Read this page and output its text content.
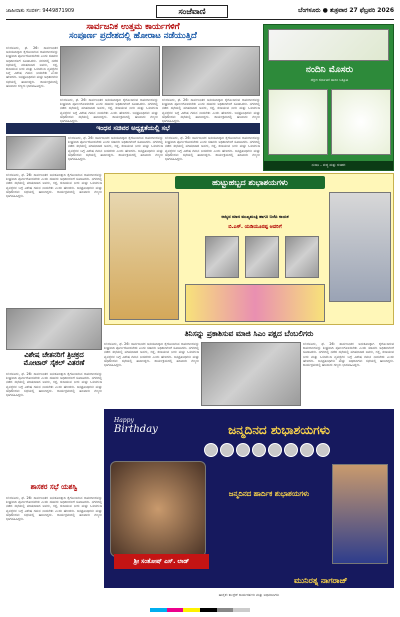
ಜಾಹೀರಾತು ಸಂಪರ್ಕ: 9449871909	ಸಂಜೆವಾಣಿ	ಬೆಂಗಳೂರು ● ಶುಕ್ರವಾರ 27 ಫೆಬ್ರವರಿ 2026
ಸಾರ್ವಜನಿಕ ಉತ್ತಮ ಕಾರ್ಯಗಳಿಗೆ
ಸಂಪೂರ್ಣ ಪ್ರದೇಶದಲ್ಲಿ ಹೋರಾಟ ನಡೆಯುತ್ತಿದೆ
ಬೆಂಗಳೂರು, ಫೆ. 26: ಸಾರ್ವಜನಿಕರ ಅನುಕೂಲಕ್ಕಾಗಿ ಕೈಗೊಂಡಿರುವ ಕಾಮಗಾರಿಗಳನ್ನು ಶೀಘ್ರವಾಗಿ ಪೂರ್ಣಗೊಳಿಸಬೇಕು ಎಂದು ಸಚಿವರು ಅಧಿಕಾರಿಗಳಿಗೆ ಸೂಚಿಸಿದರು. ನಗರದಲ್ಲಿ ನಡೆದ ಸಭೆಯಲ್ಲಿ ಮಾತನಾಡಿದ ಅವರು, ರಸ್ತೆ, ಕುಡಿಯುವ ನೀರು ಮತ್ತು ಒಳಚರಂಡಿ ವ್ಯವಸ್ಥೆಗಳ ಬಗ್ಗೆ ವಿಶೇಷ ಗಮನ ನೀಡಬೇಕು ಎಂದು ಹೇಳಿದರು. ಜನಪ್ರತಿನಿಧಿಗಳು ಮತ್ತು ಅಧಿಕಾರಿಗಳು ಸಭೆಯಲ್ಲಿ ಹಾಜರಿದ್ದರು. ಕಾರ್ಯಕ್ರಮದಲ್ಲಿ ಹಲವಾರು ಗಣ್ಯರು ಭಾಗವಹಿಸಿದ್ದರು.
ಬೆಂಗಳೂರು, ಫೆ. 26: ಸಾರ್ವಜನಿಕರ ಅನುಕೂಲಕ್ಕಾಗಿ ಕೈಗೊಂಡಿರುವ ಕಾಮಗಾರಿಗಳನ್ನು ಶೀಘ್ರವಾಗಿ ಪೂರ್ಣಗೊಳಿಸಬೇಕು ಎಂದು ಸಚಿವರು ಅಧಿಕಾರಿಗಳಿಗೆ ಸೂಚಿಸಿದರು. ನಗರದಲ್ಲಿ ನಡೆದ ಸಭೆಯಲ್ಲಿ ಮಾತನಾಡಿದ ಅವರು, ರಸ್ತೆ, ಕುಡಿಯುವ ನೀರು ಮತ್ತು ಒಳಚರಂಡಿ ವ್ಯವಸ್ಥೆಗಳ ಬಗ್ಗೆ ವಿಶೇಷ ಗಮನ ನೀಡಬೇಕು ಎಂದು ಹೇಳಿದರು. ಜನಪ್ರತಿನಿಧಿಗಳು ಮತ್ತು ಅಧಿಕಾರಿಗಳು ಸಭೆಯಲ್ಲಿ ಹಾಜರಿದ್ದರು. ಕಾರ್ಯಕ್ರಮದಲ್ಲಿ ಹಲವಾರು ಗಣ್ಯರು ಭಾಗವಹಿಸಿದ್ದರು.
ಬೆಂಗಳೂರು, ಫೆ. 26: ಸಾರ್ವಜನಿಕರ ಅನುಕೂಲಕ್ಕಾಗಿ ಕೈಗೊಂಡಿರುವ ಕಾಮಗಾರಿಗಳನ್ನು ಶೀಘ್ರವಾಗಿ ಪೂರ್ಣಗೊಳಿಸಬೇಕು ಎಂದು ಸಚಿವರು ಅಧಿಕಾರಿಗಳಿಗೆ ಸೂಚಿಸಿದರು. ನಗರದಲ್ಲಿ ನಡೆದ ಸಭೆಯಲ್ಲಿ ಮಾತನಾಡಿದ ಅವರು, ರಸ್ತೆ, ಕುಡಿಯುವ ನೀರು ಮತ್ತು ಒಳಚರಂಡಿ ವ್ಯವಸ್ಥೆಗಳ ಬಗ್ಗೆ ವಿಶೇಷ ಗಮನ ನೀಡಬೇಕು ಎಂದು ಹೇಳಿದರು. ಜನಪ್ರತಿನಿಧಿಗಳು ಮತ್ತು ಅಧಿಕಾರಿಗಳು ಸಭೆಯಲ್ಲಿ ಹಾಜರಿದ್ದರು. ಕಾರ್ಯಕ್ರಮದಲ್ಲಿ ಹಲವಾರು ಗಣ್ಯರು ಭಾಗವಹಿಸಿದ್ದರು.
ಇಂಧನ ಸಚಿವರ ಅಧ್ಯಕ್ಷತೆಯಲ್ಲಿ ಸಭೆ
ಬೆಂಗಳೂರು, ಫೆ. 26: ಸಾರ್ವಜನಿಕರ ಅನುಕೂಲಕ್ಕಾಗಿ ಕೈಗೊಂಡಿರುವ ಕಾಮಗಾರಿಗಳನ್ನು ಶೀಘ್ರವಾಗಿ ಪೂರ್ಣಗೊಳಿಸಬೇಕು ಎಂದು ಸಚಿವರು ಅಧಿಕಾರಿಗಳಿಗೆ ಸೂಚಿಸಿದರು. ನಗರದಲ್ಲಿ ನಡೆದ ಸಭೆಯಲ್ಲಿ ಮಾತನಾಡಿದ ಅವರು, ರಸ್ತೆ, ಕುಡಿಯುವ ನೀರು ಮತ್ತು ಒಳಚರಂಡಿ ವ್ಯವಸ್ಥೆಗಳ ಬಗ್ಗೆ ವಿಶೇಷ ಗಮನ ನೀಡಬೇಕು ಎಂದು ಹೇಳಿದರು. ಜನಪ್ರತಿನಿಧಿಗಳು ಮತ್ತು ಅಧಿಕಾರಿಗಳು ಸಭೆಯಲ್ಲಿ ಹಾಜರಿದ್ದರು. ಕಾರ್ಯಕ್ರಮದಲ್ಲಿ ಹಲವಾರು ಗಣ್ಯರು ಭಾಗವಹಿಸಿದ್ದರು.
ಬೆಂಗಳೂರು, ಫೆ. 26: ಸಾರ್ವಜನಿಕರ ಅನುಕೂಲಕ್ಕಾಗಿ ಕೈಗೊಂಡಿರುವ ಕಾಮಗಾರಿಗಳನ್ನು ಶೀಘ್ರವಾಗಿ ಪೂರ್ಣಗೊಳಿಸಬೇಕು ಎಂದು ಸಚಿವರು ಅಧಿಕಾರಿಗಳಿಗೆ ಸೂಚಿಸಿದರು. ನಗರದಲ್ಲಿ ನಡೆದ ಸಭೆಯಲ್ಲಿ ಮಾತನಾಡಿದ ಅವರು, ರಸ್ತೆ, ಕುಡಿಯುವ ನೀರು ಮತ್ತು ಒಳಚರಂಡಿ ವ್ಯವಸ್ಥೆಗಳ ಬಗ್ಗೆ ವಿಶೇಷ ಗಮನ ನೀಡಬೇಕು ಎಂದು ಹೇಳಿದರು. ಜನಪ್ರತಿನಿಧಿಗಳು ಮತ್ತು ಅಧಿಕಾರಿಗಳು ಸಭೆಯಲ್ಲಿ ಹಾಜರಿದ್ದರು. ಕಾರ್ಯಕ್ರಮದಲ್ಲಿ ಹಲವಾರು ಗಣ್ಯರು ಭಾಗವಹಿಸಿದ್ದರು.
ನಂದಿನಿ ಮೊಸರು
ದಕ್ಷಿಣ ಕರ್ನಾಟಕ ಹಾಲು ಒಕ್ಕೂಟ
ನಂದಿನಿ – ಶುದ್ಧ ಮತ್ತು ರುಚಿಕರ
ಬೆಂಗಳೂರು, ಫೆ. 26: ಸಾರ್ವಜನಿಕರ ಅನುಕೂಲಕ್ಕಾಗಿ ಕೈಗೊಂಡಿರುವ ಕಾಮಗಾರಿಗಳನ್ನು ಶೀಘ್ರವಾಗಿ ಪೂರ್ಣಗೊಳಿಸಬೇಕು ಎಂದು ಸಚಿವರು ಅಧಿಕಾರಿಗಳಿಗೆ ಸೂಚಿಸಿದರು. ನಗರದಲ್ಲಿ ನಡೆದ ಸಭೆಯಲ್ಲಿ ಮಾತನಾಡಿದ ಅವರು, ರಸ್ತೆ, ಕುಡಿಯುವ ನೀರು ಮತ್ತು ಒಳಚರಂಡಿ ವ್ಯವಸ್ಥೆಗಳ ಬಗ್ಗೆ ವಿಶೇಷ ಗಮನ ನೀಡಬೇಕು ಎಂದು ಹೇಳಿದರು. ಜನಪ್ರತಿನಿಧಿಗಳು ಮತ್ತು ಅಧಿಕಾರಿಗಳು ಸಭೆಯಲ್ಲಿ ಹಾಜರಿದ್ದರು. ಕಾರ್ಯಕ್ರಮದಲ್ಲಿ ಹಲವಾರು ಗಣ್ಯರು ಭಾಗವಹಿಸಿದ್ದರು.
ವಿಶೇಷ ಚೇತನರಿಗೆ ತ್ರಿಚಕ್ರದ
ಮೋಟಾರ್ ಸೈಕಲ್ ವಿತರಣೆ
ಬೆಂಗಳೂರು, ಫೆ. 26: ಸಾರ್ವಜನಿಕರ ಅನುಕೂಲಕ್ಕಾಗಿ ಕೈಗೊಂಡಿರುವ ಕಾಮಗಾರಿಗಳನ್ನು ಶೀಘ್ರವಾಗಿ ಪೂರ್ಣಗೊಳಿಸಬೇಕು ಎಂದು ಸಚಿವರು ಅಧಿಕಾರಿಗಳಿಗೆ ಸೂಚಿಸಿದರು. ನಗರದಲ್ಲಿ ನಡೆದ ಸಭೆಯಲ್ಲಿ ಮಾತನಾಡಿದ ಅವರು, ರಸ್ತೆ, ಕುಡಿಯುವ ನೀರು ಮತ್ತು ಒಳಚರಂಡಿ ವ್ಯವಸ್ಥೆಗಳ ಬಗ್ಗೆ ವಿಶೇಷ ಗಮನ ನೀಡಬೇಕು ಎಂದು ಹೇಳಿದರು. ಜನಪ್ರತಿನಿಧಿಗಳು ಮತ್ತು ಅಧಿಕಾರಿಗಳು ಸಭೆಯಲ್ಲಿ ಹಾಜರಿದ್ದರು. ಕಾರ್ಯಕ್ರಮದಲ್ಲಿ ಹಲವಾರು ಗಣ್ಯರು ಭಾಗವಹಿಸಿದ್ದರು.
ಶಾಸಕರ ಸಭೆ ಯಶಸ್ವಿ
ಬೆಂಗಳೂರು, ಫೆ. 26: ಸಾರ್ವಜನಿಕರ ಅನುಕೂಲಕ್ಕಾಗಿ ಕೈಗೊಂಡಿರುವ ಕಾಮಗಾರಿಗಳನ್ನು ಶೀಘ್ರವಾಗಿ ಪೂರ್ಣಗೊಳಿಸಬೇಕು ಎಂದು ಸಚಿವರು ಅಧಿಕಾರಿಗಳಿಗೆ ಸೂಚಿಸಿದರು. ನಗರದಲ್ಲಿ ನಡೆದ ಸಭೆಯಲ್ಲಿ ಮಾತನಾಡಿದ ಅವರು, ರಸ್ತೆ, ಕುಡಿಯುವ ನೀರು ಮತ್ತು ಒಳಚರಂಡಿ ವ್ಯವಸ್ಥೆಗಳ ಬಗ್ಗೆ ವಿಶೇಷ ಗಮನ ನೀಡಬೇಕು ಎಂದು ಹೇಳಿದರು. ಜನಪ್ರತಿನಿಧಿಗಳು ಮತ್ತು ಅಧಿಕಾರಿಗಳು ಸಭೆಯಲ್ಲಿ ಹಾಜರಿದ್ದರು. ಕಾರ್ಯಕ್ರಮದಲ್ಲಿ ಹಲವಾರು ಗಣ್ಯರು ಭಾಗವಹಿಸಿದ್ದರು.
ಹುಟ್ಟುಹಬ್ಬದ ಶುಭಾಶಯಗಳು
ರಾಜ್ಯದ ಮಾಜಿ ಮುಖ್ಯಮಂತ್ರಿ ಹಾಗೂ ಬಿಜೆಪಿ ನಾಯಕ
ಬಿ.ಎಸ್. ಯಡಿಯೂರಪ್ಪ ಅವರಿಗೆ
ತಿನಿಸನ್ನು ಪ್ರಕಾಶಿಸುವ ಮಾಜಿ ಸಿಎಂ ಪಕ್ಷದ ಬೆಂಬಲಿಗರು
ಬೆಂಗಳೂರು, ಫೆ. 26: ಸಾರ್ವಜನಿಕರ ಅನುಕೂಲಕ್ಕಾಗಿ ಕೈಗೊಂಡಿರುವ ಕಾಮಗಾರಿಗಳನ್ನು ಶೀಘ್ರವಾಗಿ ಪೂರ್ಣಗೊಳಿಸಬೇಕು ಎಂದು ಸಚಿವರು ಅಧಿಕಾರಿಗಳಿಗೆ ಸೂಚಿಸಿದರು. ನಗರದಲ್ಲಿ ನಡೆದ ಸಭೆಯಲ್ಲಿ ಮಾತನಾಡಿದ ಅವರು, ರಸ್ತೆ, ಕುಡಿಯುವ ನೀರು ಮತ್ತು ಒಳಚರಂಡಿ ವ್ಯವಸ್ಥೆಗಳ ಬಗ್ಗೆ ವಿಶೇಷ ಗಮನ ನೀಡಬೇಕು ಎಂದು ಹೇಳಿದರು. ಜನಪ್ರತಿನಿಧಿಗಳು ಮತ್ತು ಅಧಿಕಾರಿಗಳು ಸಭೆಯಲ್ಲಿ ಹಾಜರಿದ್ದರು. ಕಾರ್ಯಕ್ರಮದಲ್ಲಿ ಹಲವಾರು ಗಣ್ಯರು ಭಾಗವಹಿಸಿದ್ದರು.
ಬೆಂಗಳೂರು, ಫೆ. 26: ಸಾರ್ವಜನಿಕರ ಅನುಕೂಲಕ್ಕಾಗಿ ಕೈಗೊಂಡಿರುವ ಕಾಮಗಾರಿಗಳನ್ನು ಶೀಘ್ರವಾಗಿ ಪೂರ್ಣಗೊಳಿಸಬೇಕು ಎಂದು ಸಚಿವರು ಅಧಿಕಾರಿಗಳಿಗೆ ಸೂಚಿಸಿದರು. ನಗರದಲ್ಲಿ ನಡೆದ ಸಭೆಯಲ್ಲಿ ಮಾತನಾಡಿದ ಅವರು, ರಸ್ತೆ, ಕುಡಿಯುವ ನೀರು ಮತ್ತು ಒಳಚರಂಡಿ ವ್ಯವಸ್ಥೆಗಳ ಬಗ್ಗೆ ವಿಶೇಷ ಗಮನ ನೀಡಬೇಕು ಎಂದು ಹೇಳಿದರು. ಜನಪ್ರತಿನಿಧಿಗಳು ಮತ್ತು ಅಧಿಕಾರಿಗಳು ಸಭೆಯಲ್ಲಿ ಹಾಜರಿದ್ದರು. ಕಾರ್ಯಕ್ರಮದಲ್ಲಿ ಹಲವಾರು ಗಣ್ಯರು ಭಾಗವಹಿಸಿದ್ದರು.
Happy
Birthday	ಜನ್ಮದಿನದ ಶುಭಾಶಯಗಳು
ಜನ್ಮದಿನದ ಹಾರ್ದಿಕ ಶುಭಾಶಯಗಳು
ಶ್ರೀ ಸಂತೋಷ್ ಎಸ್. ಲಾಡ್
ಮುನಿರತ್ನ ನಾಗರಾಜ್
ಹಾರೈಕೆ: ಕಾಂಗ್ರೆಸ್ ಕಾರ್ಯಕರ್ತರು ಮತ್ತು ಅಭಿಮಾನಿಗಳು
